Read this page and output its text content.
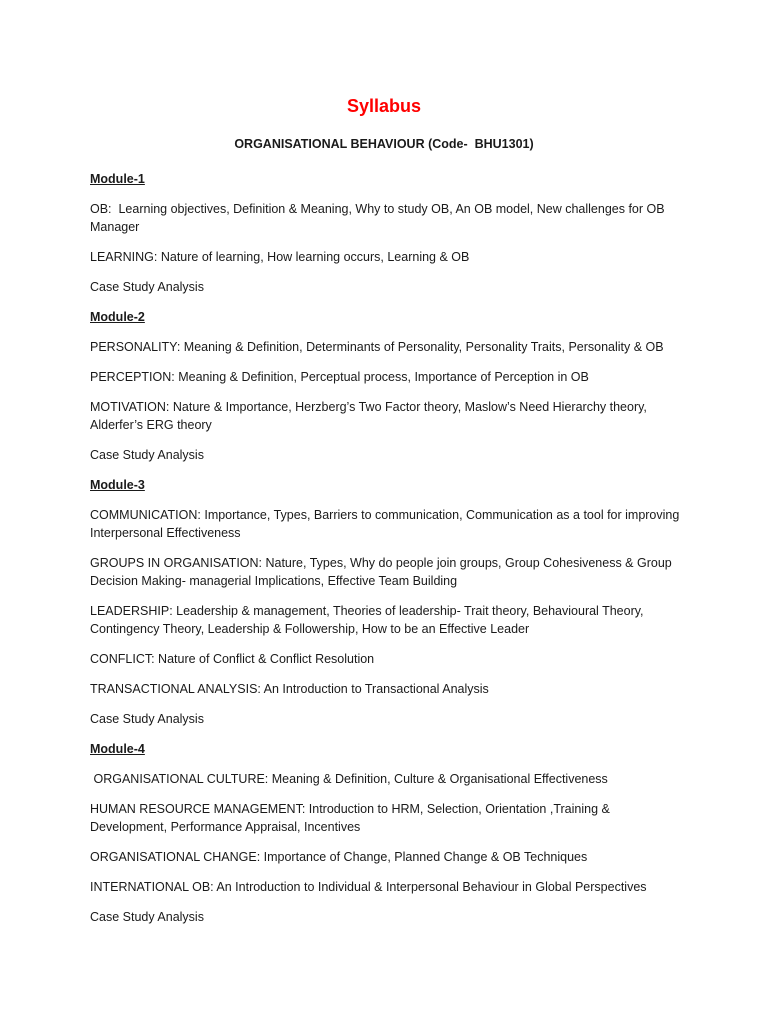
Syllabus
ORGANISATIONAL BEHAVIOUR (Code-  BHU1301)

Module-1

OB:  Learning objectives, Definition & Meaning, Why to study OB, An OB model, New challenges for OB Manager

LEARNING: Nature of learning, How learning occurs, Learning & OB

Case Study Analysis

Module-2

PERSONALITY: Meaning & Definition, Determinants of Personality, Personality Traits, Personality & OB

PERCEPTION: Meaning & Definition, Perceptual process, Importance of Perception in OB

MOTIVATION: Nature & Importance, Herzberg’s Two Factor theory, Maslow’s Need Hierarchy theory, Alderfer’s ERG theory

Case Study Analysis

Module-3

COMMUNICATION: Importance, Types, Barriers to communication, Communication as a tool for improving Interpersonal Effectiveness

GROUPS IN ORGANISATION: Nature, Types, Why do people join groups, Group Cohesiveness & Group Decision Making- managerial Implications, Effective Team Building

LEADERSHIP: Leadership & management, Theories of leadership- Trait theory, Behavioural Theory, Contingency Theory, Leadership & Followership, How to be an Effective Leader

CONFLICT: Nature of Conflict & Conflict Resolution

TRANSACTIONAL ANALYSIS: An Introduction to Transactional Analysis

Case Study Analysis

Module-4

ORGANISATIONAL CULTURE: Meaning & Definition, Culture & Organisational Effectiveness

HUMAN RESOURCE MANAGEMENT: Introduction to HRM, Selection, Orientation ,Training & Development, Performance Appraisal, Incentives

ORGANISATIONAL CHANGE: Importance of Change, Planned Change & OB Techniques

INTERNATIONAL OB: An Introduction to Individual & Interpersonal Behaviour in Global Perspectives

Case Study Analysis
